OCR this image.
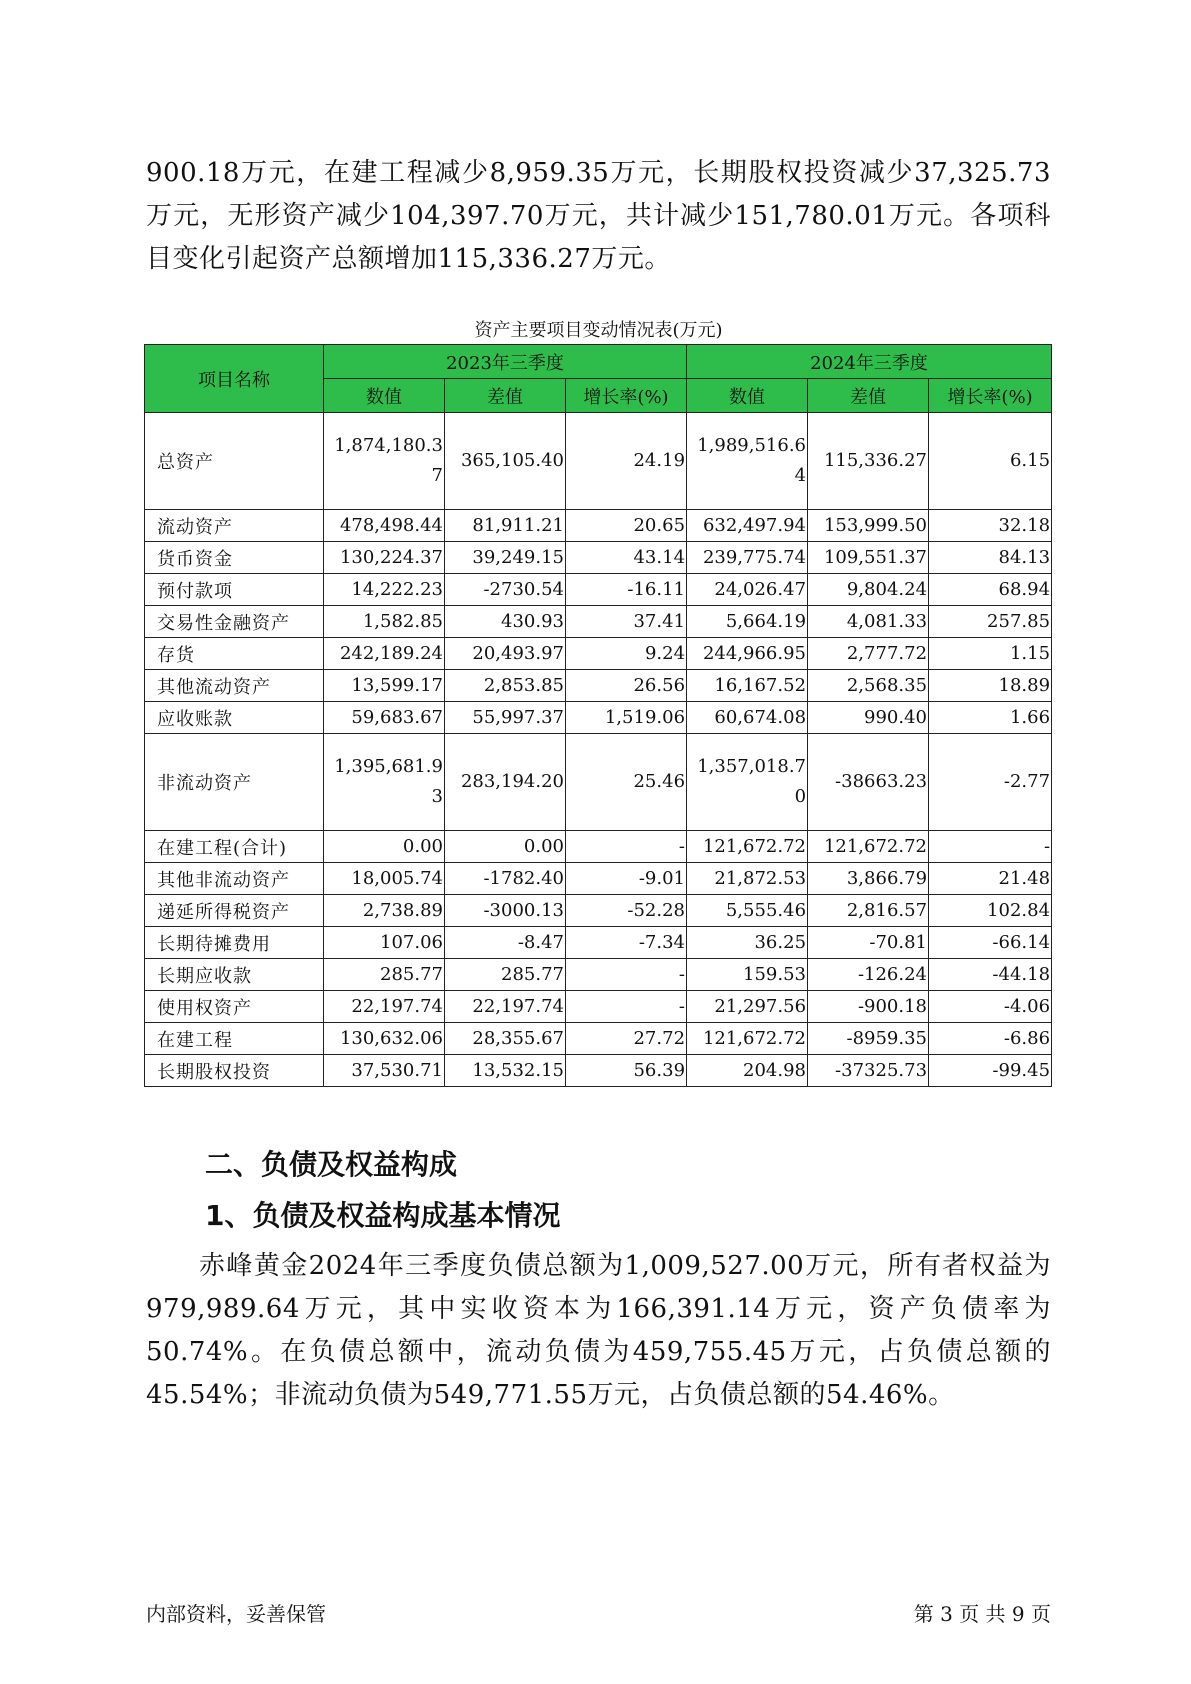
900.18万元，在建工程减少8,959.35万元，长期股权投资减少37,325.73万元，无形资产减少104,397.70万元，共计减少151,780.01万元。各项科目变化引起资产总额增加115,336.27万元。

资产主要项目变动情况表(万元)
项目名称	2023年三季度			2024年三季度		
	数值	差值	增长率(%)	数值	差值	增长率(%)
总资产	1,874,180.37	365,105.40	24.19	1,989,516.64	115,336.27	6.15
流动资产	478,498.44	81,911.21	20.65	632,497.94	153,999.50	32.18
货币资金	130,224.37	39,249.15	43.14	239,775.74	109,551.37	84.13
预付款项	14,222.23	-2730.54	-16.11	24,026.47	9,804.24	68.94
交易性金融资产	1,582.85	430.93	37.41	5,664.19	4,081.33	257.85
存货	242,189.24	20,493.97	9.24	244,966.95	2,777.72	1.15
其他流动资产	13,599.17	2,853.85	26.56	16,167.52	2,568.35	18.89
应收账款	59,683.67	55,997.37	1,519.06	60,674.08	990.40	1.66
非流动资产	1,395,681.93	283,194.20	25.46	1,357,018.70	-38663.23	-2.77
在建工程(合计)	0.00	0.00	-	121,672.72	121,672.72	-
其他非流动资产	18,005.74	-1782.40	-9.01	21,872.53	3,866.79	21.48
递延所得税资产	2,738.89	-3000.13	-52.28	5,555.46	2,816.57	102.84
长期待摊费用	107.06	-8.47	-7.34	36.25	-70.81	-66.14
长期应收款	285.77	285.77	-	159.53	-126.24	-44.18
使用权资产	22,197.74	22,197.74	-	21,297.56	-900.18	-4.06
在建工程	130,632.06	28,355.67	27.72	121,672.72	-8959.35	-6.86
长期股权投资	37,530.71	13,532.15	56.39	204.98	-37325.73	-99.45
二、负债及权益构成
1、负债及权益构成基本情况

赤峰黄金2024年三季度负债总额为1,009,527.00万元，所有者权益为979,989.64万元，其中实收资本为166,391.14万元，资产负债率为50.74%。在负债总额中，流动负债为459,755.45万元，占负债总额的45.54%；非流动负债为549,771.55万元，占负债总额的54.46%。

内部资料，妥善保管	第 3 页 共 9 页
